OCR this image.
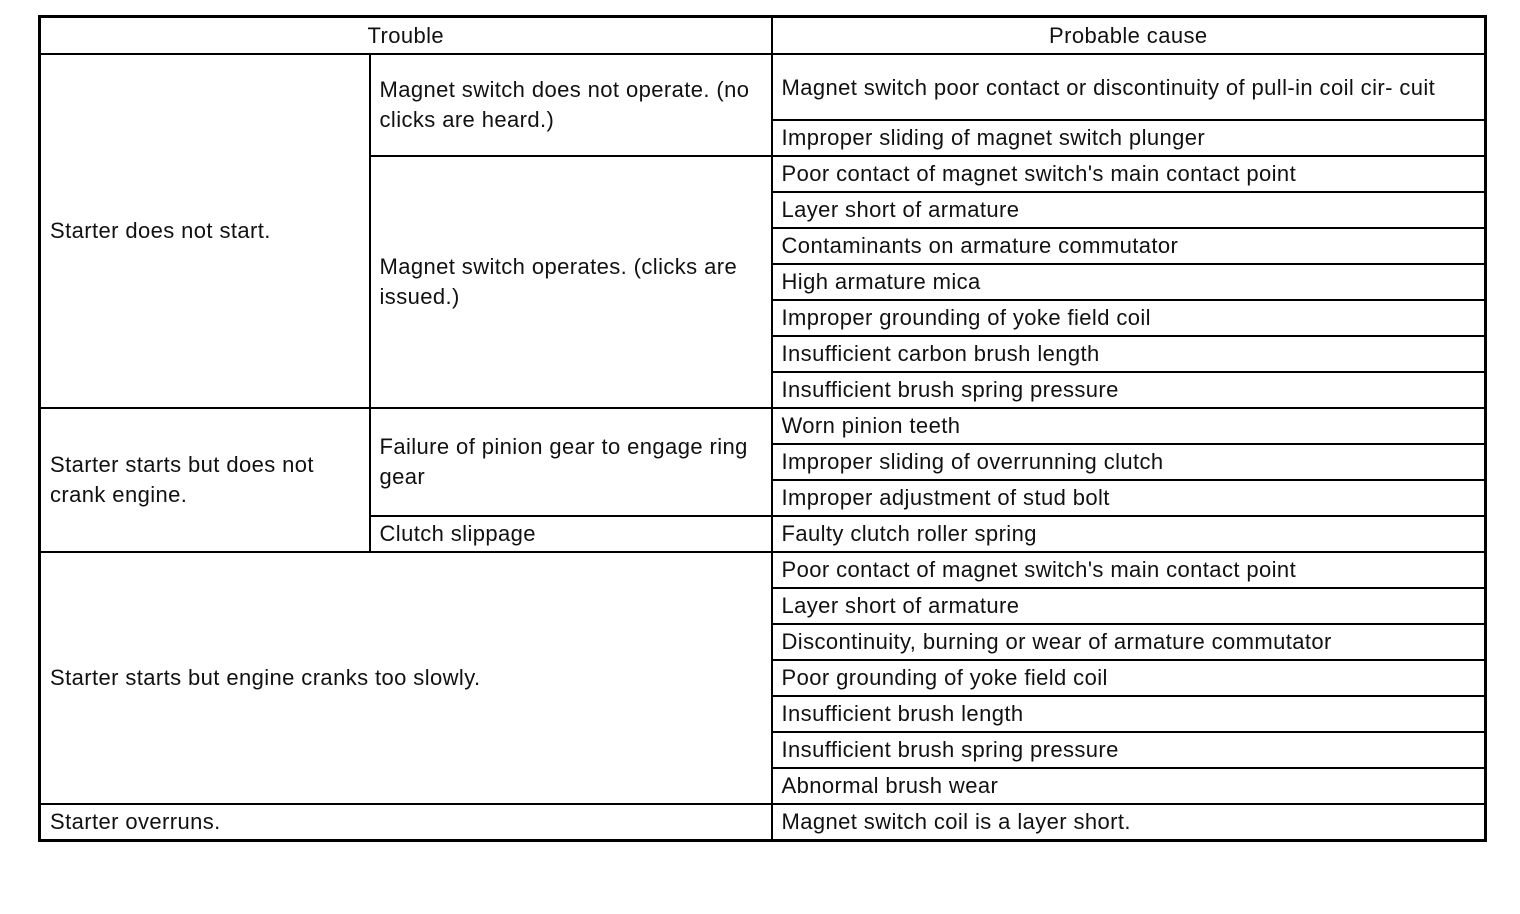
Trouble		Probable cause
Starter does not start.	Magnet switch does not operate. (no clicks are heard.)	Magnet switch poor contact or discontinuity of pull-in coil cir- cuit
		Improper sliding of magnet switch plunger
	Magnet switch operates. (clicks are issued.)	Poor contact of magnet switch's main contact point
		Layer short of armature
		Contaminants on armature commutator
		High armature mica
		Improper grounding of yoke field coil
		Insufficient carbon brush length
		Insufficient brush spring pressure
Starter starts but does not crank engine.	Failure of pinion gear to engage ring gear	Worn pinion teeth
		Improper sliding of overrunning clutch
		Improper adjustment of stud bolt
	Clutch slippage	Faulty clutch roller spring
Starter starts but engine cranks too slowly.		Poor contact of magnet switch's main contact point
		Layer short of armature
		Discontinuity, burning or wear of armature commutator
		Poor grounding of yoke field coil
		Insufficient brush length
		Insufficient brush spring pressure
		Abnormal brush wear
Starter overruns.		Magnet switch coil is a layer short.
